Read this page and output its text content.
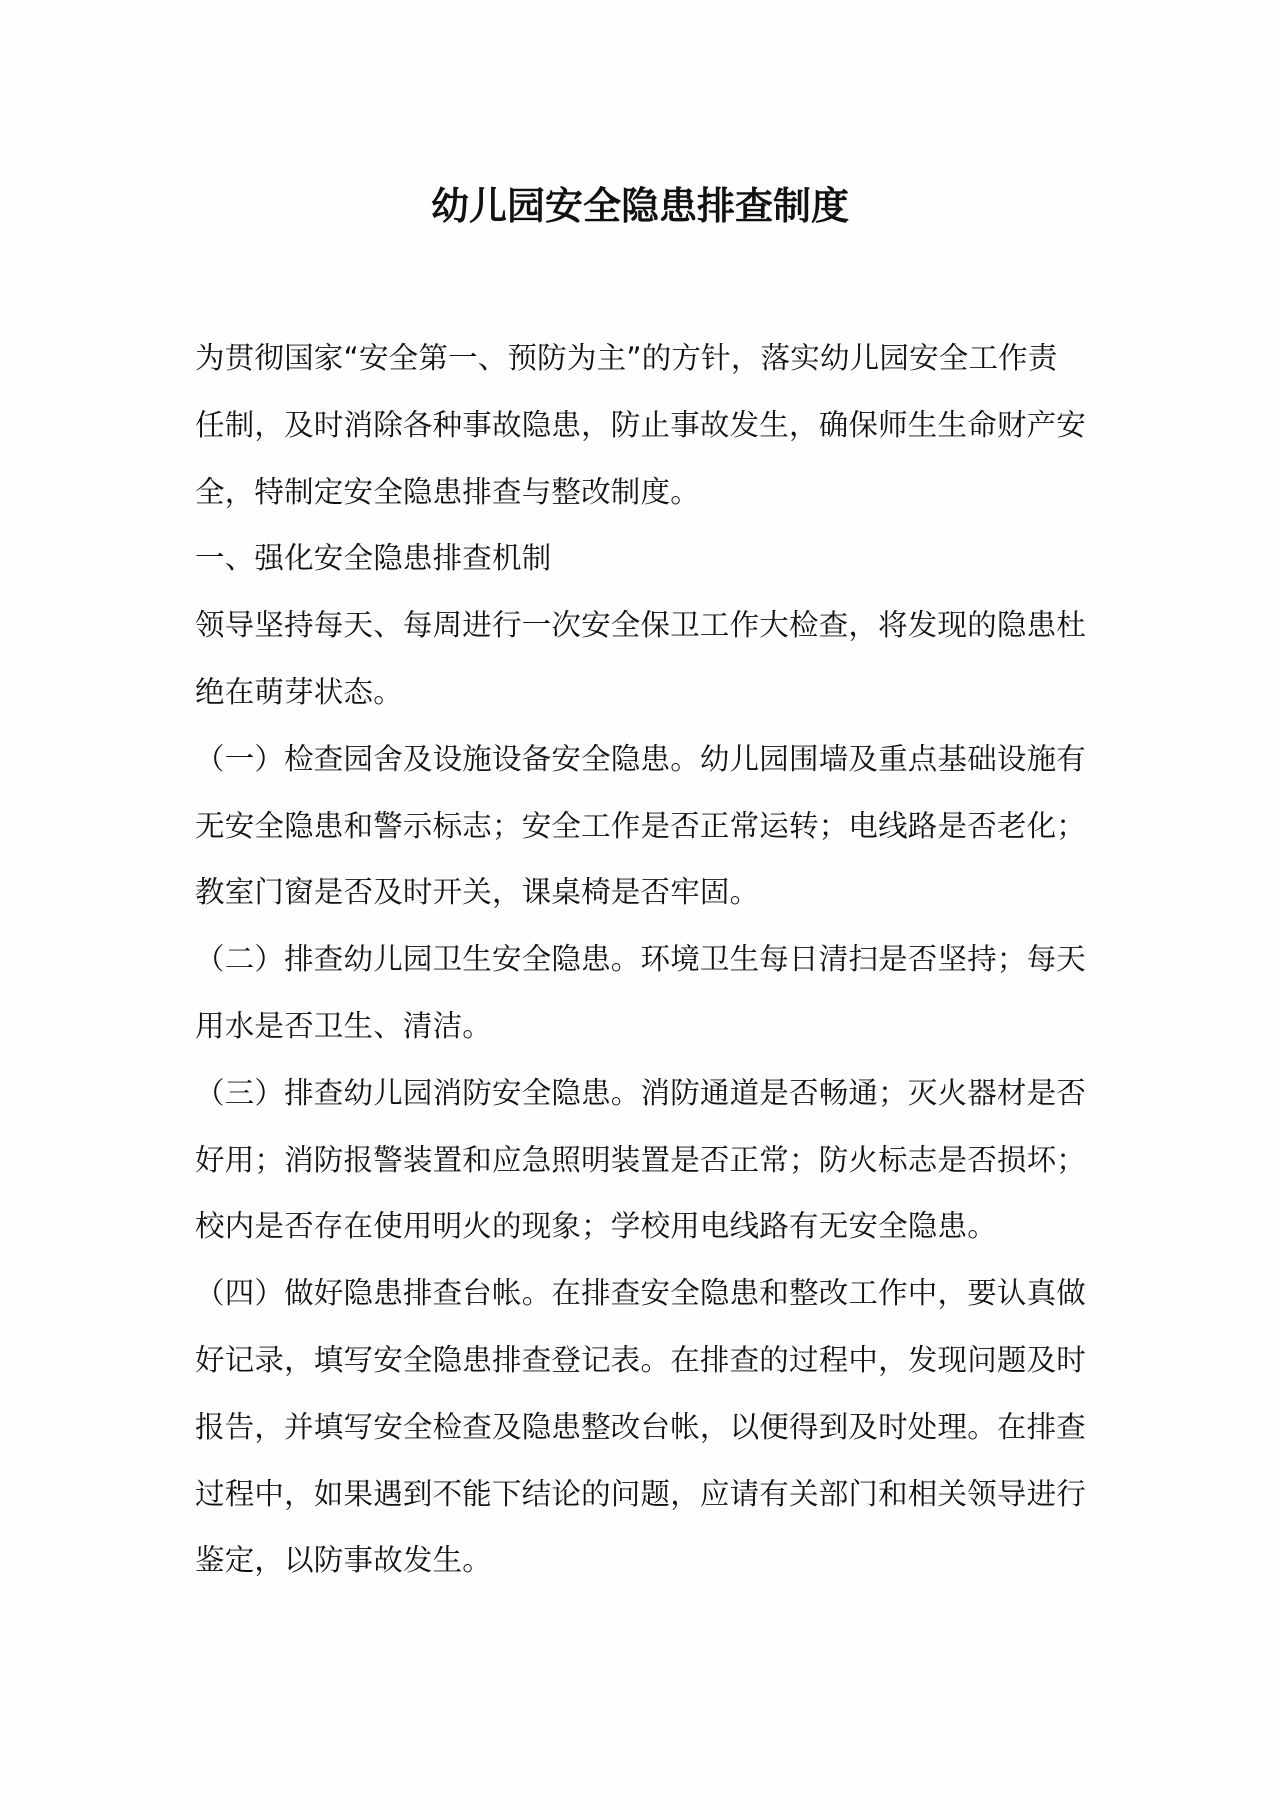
幼儿园安全隐患排查制度
为贯彻国家“安全第一、预防为主”的方针，落实幼儿园安全工作责
任制，及时消除各种事故隐患，防止事故发生，确保师生生命财产安
全，特制定安全隐患排查与整改制度。
一、强化安全隐患排查机制
领导坚持每天、每周进行一次安全保卫工作大检查，将发现的隐患杜
绝在萌芽状态。
（一）检查园舍及设施设备安全隐患。幼儿园围墙及重点基础设施有
无安全隐患和警示标志；安全工作是否正常运转；电线路是否老化；
教室门窗是否及时开关，课桌椅是否牢固。
（二）排查幼儿园卫生安全隐患。环境卫生每日清扫是否坚持；每天
用水是否卫生、清洁。
（三）排查幼儿园消防安全隐患。消防通道是否畅通；灭火器材是否
好用；消防报警装置和应急照明装置是否正常；防火标志是否损坏；
校内是否存在使用明火的现象；学校用电线路有无安全隐患。
（四）做好隐患排查台帐。在排查安全隐患和整改工作中，要认真做
好记录，填写安全隐患排查登记表。在排查的过程中，发现问题及时
报告，并填写安全检查及隐患整改台帐，以便得到及时处理。在排查
过程中，如果遇到不能下结论的问题，应请有关部门和相关领导进行
鉴定，以防事故发生。
